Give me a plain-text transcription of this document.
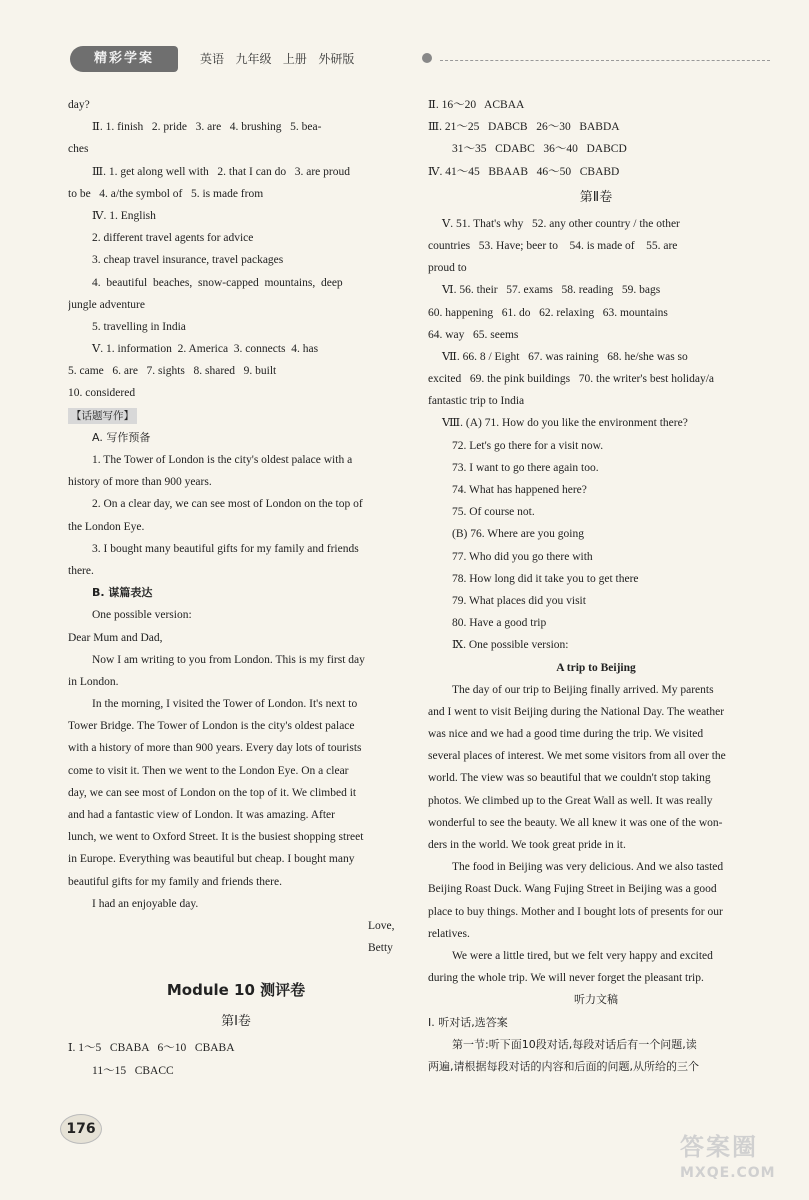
精彩学案	英语   九年级   上册   外研版
day?
Ⅱ. 1. finish   2. pride   3. are   4. brushing   5. bea-
ches
Ⅲ. 1. get along well with   2. that I can do   3. are proud
to be   4. a/the symbol of   5. is made from
Ⅳ. 1. English
2. different travel agents for advice
3. cheap travel insurance, travel packages
4.  beautiful  beaches,  snow-capped  mountains,  deep
jungle adventure
5. travelling in India
Ⅴ. 1. information  2. America  3. connects  4. has
5. came   6. are   7. sights   8. shared   9. built
10. considered
【话题写作】
A. 写作预备
1. The Tower of London is the city's oldest palace with a
history of more than 900 years.
2. On a clear day, we can see most of London on the top of
the London Eye.
3. I bought many beautiful gifts for my family and friends
there.
B. 谋篇表达
One possible version:
Dear Mum and Dad,
Now I am writing to you from London. This is my first day
in London.
In the morning, I visited the Tower of London. It's next to
Tower Bridge. The Tower of London is the city's oldest palace
with a history of more than 900 years. Every day lots of tourists
come to visit it. Then we went to the London Eye. On a clear
day, we can see most of London on the top of it. We climbed it
and had a fantastic view of London. It was amazing. After
lunch, we went to Oxford Street. It is the busiest shopping street
in Europe. Everything was beautiful but cheap. I bought many
beautiful gifts for my family and friends there.
I had an enjoyable day.
Love,
Betty
Module 10 测评卷
第Ⅰ卷
Ⅰ. 1～5   CBABA   6～10   CBABA
11～15   CBACC
Ⅱ. 16～20   ACBAA
Ⅲ. 21～25   DABCB   26～30   BABDA
31～35   CDABC   36～40   DABCD
Ⅳ. 41～45   BBAAB   46～50   CBABD
第Ⅱ卷
Ⅴ. 51. That's why   52. any other country / the other
countries   53. Have; beer to    54. is made of    55. are
proud to
Ⅵ. 56. their   57. exams   58. reading   59. bags
60. happening   61. do   62. relaxing   63. mountains
64. way   65. seems
Ⅶ. 66. 8 / Eight   67. was raining   68. he/she was so
excited   69. the pink buildings   70. the writer's best holiday/a
fantastic trip to India
Ⅷ. (A) 71. How do you like the environment there?
72. Let's go there for a visit now.
73. I want to go there again too.
74. What has happened here?
75. Of course not.
(B) 76. Where are you going
77. Who did you go there with
78. How long did it take you to get there
79. What places did you visit
80. Have a good trip
Ⅸ. One possible version:
A trip to Beijing
The day of our trip to Beijing finally arrived. My parents
and I went to visit Beijing during the National Day. The weather
was nice and we had a good time during the trip. We visited
several places of interest. We met some visitors from all over the
world. The view was so beautiful that we couldn't stop taking
photos. We climbed up to the Great Wall as well. It was really
wonderful to see the beauty. We all knew it was one of the won-
ders in the world. We took great pride in it.
The food in Beijing was very delicious. And we also tasted
Beijing Roast Duck. Wang Fujing Street in Beijing was a good
place to buy things. Mother and I bought lots of presents for our
relatives.
We were a little tired, but we felt very happy and excited
during the whole trip. We will never forget the pleasant trip.
听力文稿
Ⅰ. 听对话,选答案
第一节:听下面10段对话,每段对话后有一个问题,读
两遍,请根据每段对话的内容和后面的问题,从所给的三个
176
答案圈
MXQE.COM
